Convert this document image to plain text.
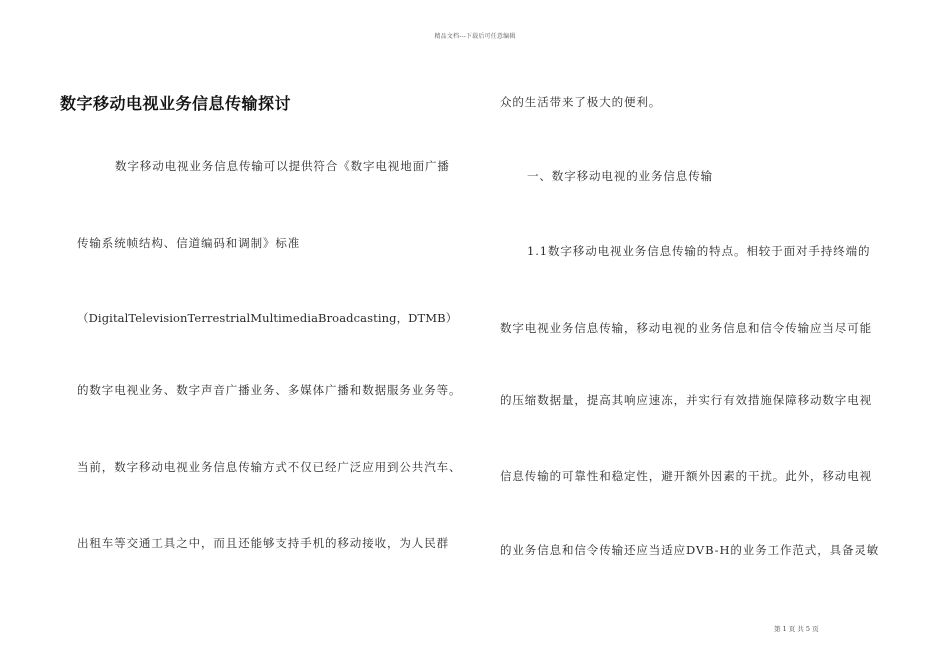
精品文档---下载后可任意编辑
数字移动电视业务信息传输探讨
数字移动电视业务信息传输可以提供符合《数字电视地面广播
传输系统帧结构、信道编码和调制》标准
（DigitalTelevisionTerrestrialMultimediaBroadcasting，DTMB）
的数字电视业务、数字声音广播业务、多媒体广播和数据服务业务等。
当前，数字移动电视业务信息传输方式不仅已经广泛应用到公共汽车、
出租车等交通工具之中，而且还能够支持手机的移动接收，为人民群
众的生活带来了极大的便利。
一、数字移动电视的业务信息传输
1.1数字移动电视业务信息传输的特点。相较于面对手持终端的
数字电视业务信息传输，移动电视的业务信息和信令传输应当尽可能
的压缩数据量，提高其响应速冻，并实行有效措施保障移动数字电视
信息传输的可靠性和稳定性，避开额外因素的干扰。此外，移动电视
的业务信息和信令传输还应当适应DVB-H的业务工作范式，具备灵敏
第 1 页 共 5 页
